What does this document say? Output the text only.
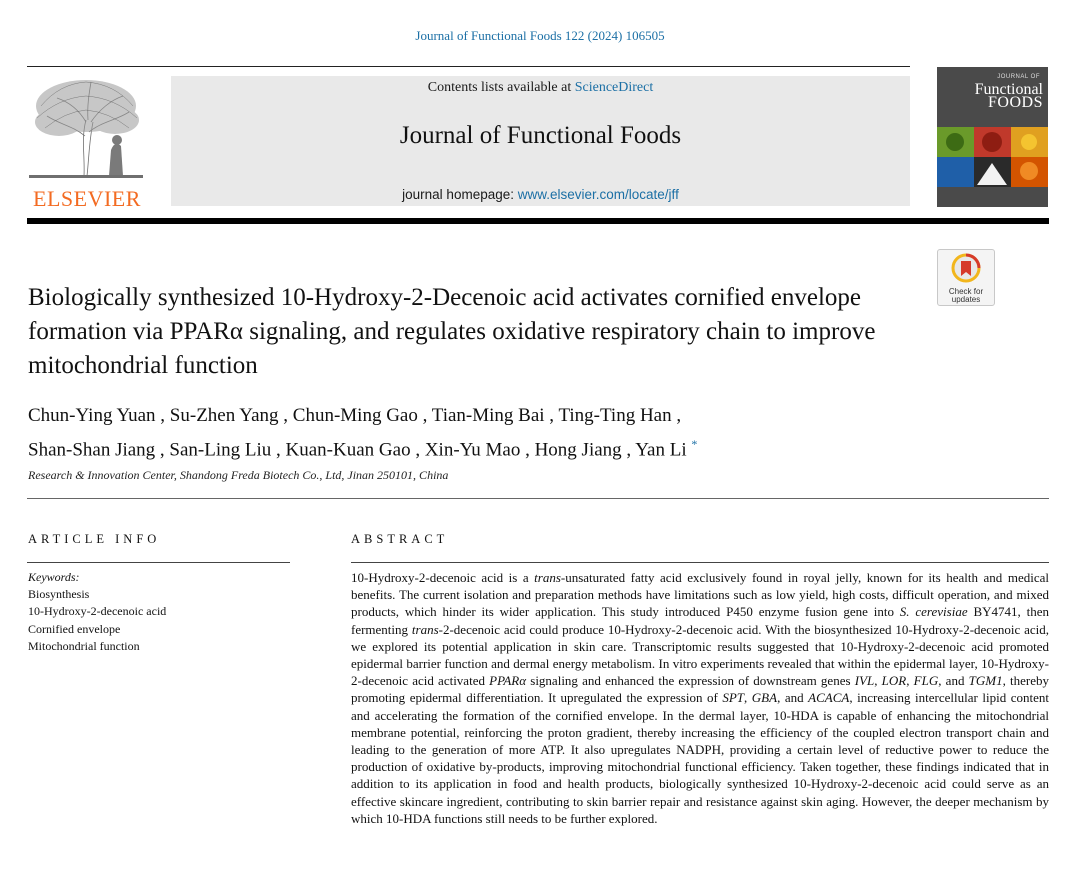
Journal of Functional Foods 122 (2024) 106505
ELSEVIER
Contents lists available at ScienceDirect
Journal of Functional Foods
journal homepage: www.elsevier.com/locate/jff
JOURNAL OF
Functional
FOODS
Check for
updates
Biologically synthesized 10-Hydroxy-2-Decenoic acid activates cornified envelope formation via PPARα signaling, and regulates oxidative respiratory chain to improve mitochondrial function
Chun-Ying Yuan , Su-Zhen Yang , Chun-Ming Gao , Tian-Ming Bai , Ting-Ting Han ,
Shan-Shan Jiang , San-Ling Liu , Kuan-Kuan Gao , Xin-Yu Mao , Hong Jiang , Yan Li *
Research & Innovation Center, Shandong Freda Biotech Co., Ltd, Jinan 250101, China
ARTICLE INFO
Keywords:
Biosynthesis
10-Hydroxy-2-decenoic acid
Cornified envelope
Mitochondrial function
ABSTRACT

10-Hydroxy-2-decenoic acid is a trans-unsaturated fatty acid exclusively found in royal jelly, known for its health and medical benefits. The current isolation and preparation methods have limitations such as low yield, high costs, difficult operation, and mixed products, which hinder its wider application. This study introduced P450 enzyme fusion gene into S. cerevisiae BY4741, then fermenting trans-2-decenoic acid could produce 10-Hydroxy-2-decenoic acid. With the biosynthesized 10-Hydroxy-2-decenoic acid, we explored its potential application in skin care. Transcriptomic results suggested that 10-Hydroxy-2-decenoic acid promoted epidermal barrier function and dermal energy metabolism. In vitro experiments revealed that within the epidermal layer, 10-Hydroxy-2-decenoic acid activated PPARα signaling and enhanced the expression of downstream genes IVL, LOR, FLG, and TGM1, thereby promoting epidermal differentiation. It upregulated the expression of SPT, GBA, and ACACA, increasing intercellular lipid content and accelerating the formation of the cornified envelope. In the dermal layer, 10-HDA is capable of enhancing the mitochondrial membrane potential, reinforcing the proton gradient, thereby increasing the efficiency of the coupled electron transport chain and leading to the generation of more ATP. It also upregulates NADPH, providing a certain level of reductive power to reduce the production of oxidative by-products, improving mitochondrial functional efficiency. Taken together, these findings indicated that in addition to its application in food and health products, biologically synthesized 10-Hydroxy-2-decenoic acid could serve as an effective skincare ingredient, contributing to skin barrier repair and resistance against skin aging. However, the deeper mechanism by which 10-HDA functions still needs to be further explored.
